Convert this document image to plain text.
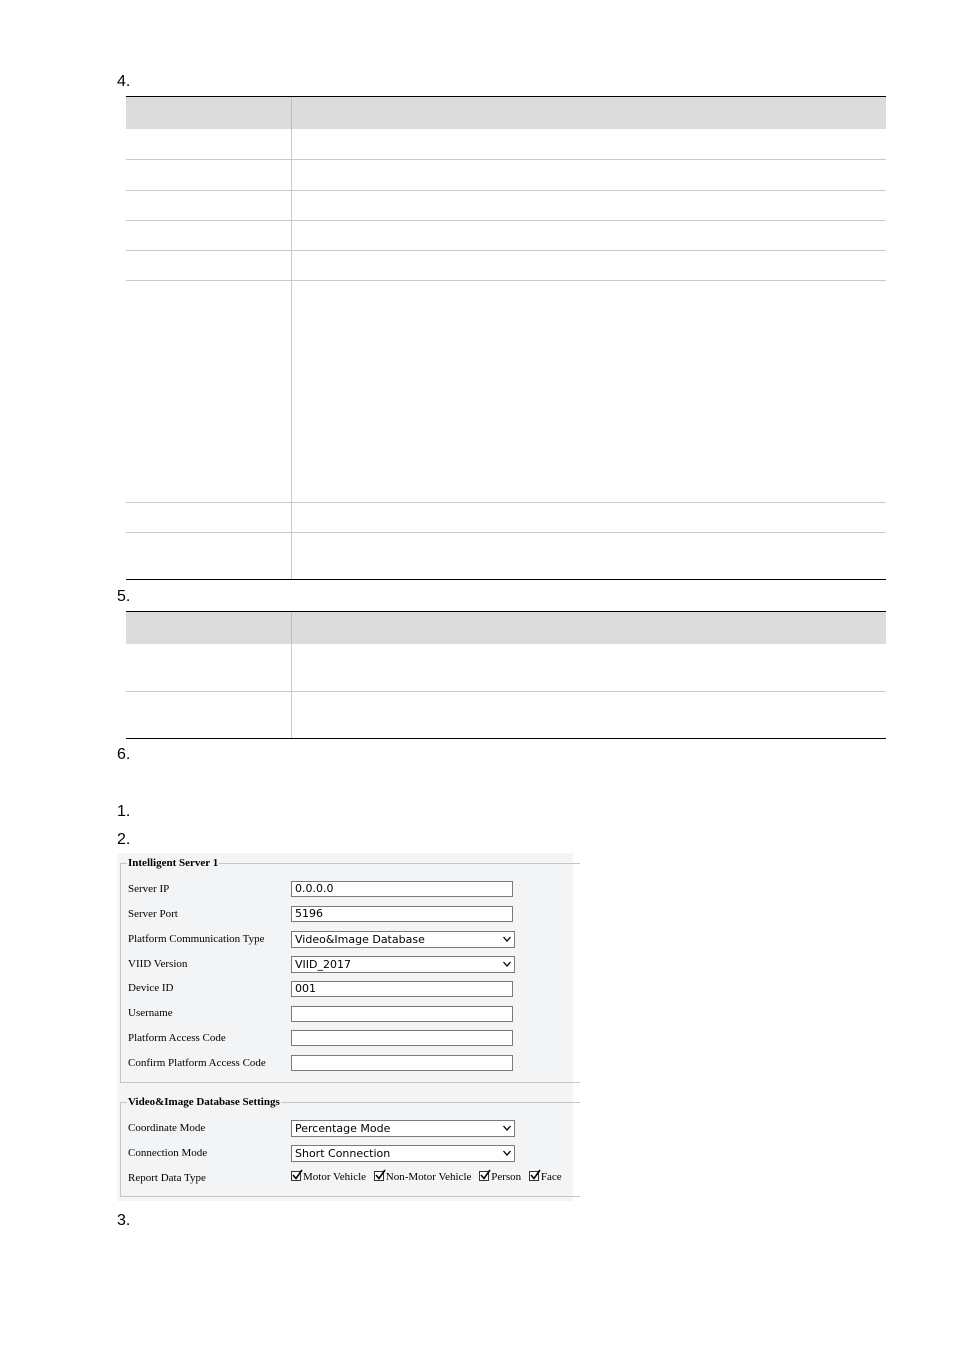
4.
5.
6.
1.
2.
3.
Intelligent Server 1
Server IP	0.0.0.0
Server Port	5196
Platform Communication Type	Video&Image Database
VIID Version	VIID_2017
Device ID	001
Username
Platform Access Code
Confirm Platform Access Code
Video&Image Database Settings
Coordinate Mode	Percentage Mode
Connection Mode	Short Connection
Report Data Type	Motor Vehicle Non-Motor Vehicle Person Face
